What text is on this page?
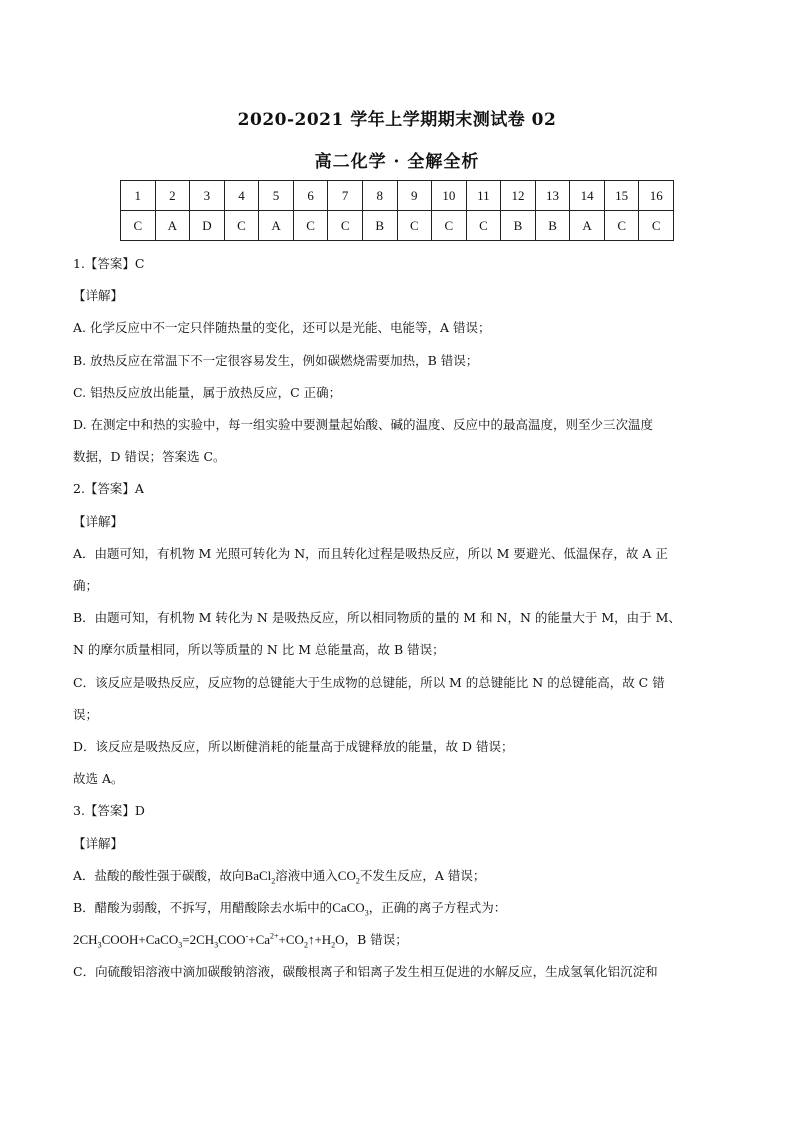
2020-2021 学年上学期期末测试卷 02
高二化学 · 全解全析
1	2	3	4	5	6	7	8	9	10	11	12	13	14	15	16
C	A	D	C	A	C	C	B	C	C	C	B	B	A	C	C

1.【答案】C

【详解】

A. 化学反应中不一定只伴随热量的变化，还可以是光能、电能等，A 错误；

B. 放热反应在常温下不一定很容易发生，例如碳燃烧需要加热，B 错误；

C. 铝热反应放出能量，属于放热反应，C 正确；

D. 在测定中和热的实验中，每一组实验中要测量起始酸、碱的温度、反应中的最高温度，则至少三次温度

数据，D 错误；答案选 C。

2.【答案】A

【详解】

A．由题可知，有机物 M 光照可转化为 N，而且转化过程是吸热反应，所以 M 要避光、低温保存，故 A 正

确；

B．由题可知，有机物 M 转化为 N 是吸热反应，所以相同物质的量的 M 和 N，N 的能量大于 M，由于 M、

N 的摩尔质量相同，所以等质量的 N 比 M 总能量高，故 B 错误；

C．该反应是吸热反应，反应物的总键能大于生成物的总键能，所以 M 的总键能比 N 的总键能高，故 C 错

误；

D．该反应是吸热反应，所以断健消耗的能量高于成键释放的能量，故 D 错误；

故选 A。

3.【答案】D

【详解】

A．盐酸的酸性强于碳酸，故向BaCl$_2$溶液中通入$CO_2$不发生反应，A 错误；

B．醋酸为弱酸，不拆写，用醋酸除去水垢中的CaCO$_3$，正确的离子方程式为：

$2CH_3COOH+CaCO_3=2CH_3COO^-+Ca^{2+}+CO_2↑+H_2O$，B 错误；

C．向硫酸铝溶液中滴加碳酸钠溶液，碳酸根离子和铝离子发生相互促进的水解反应，生成氢氧化铝沉淀和
